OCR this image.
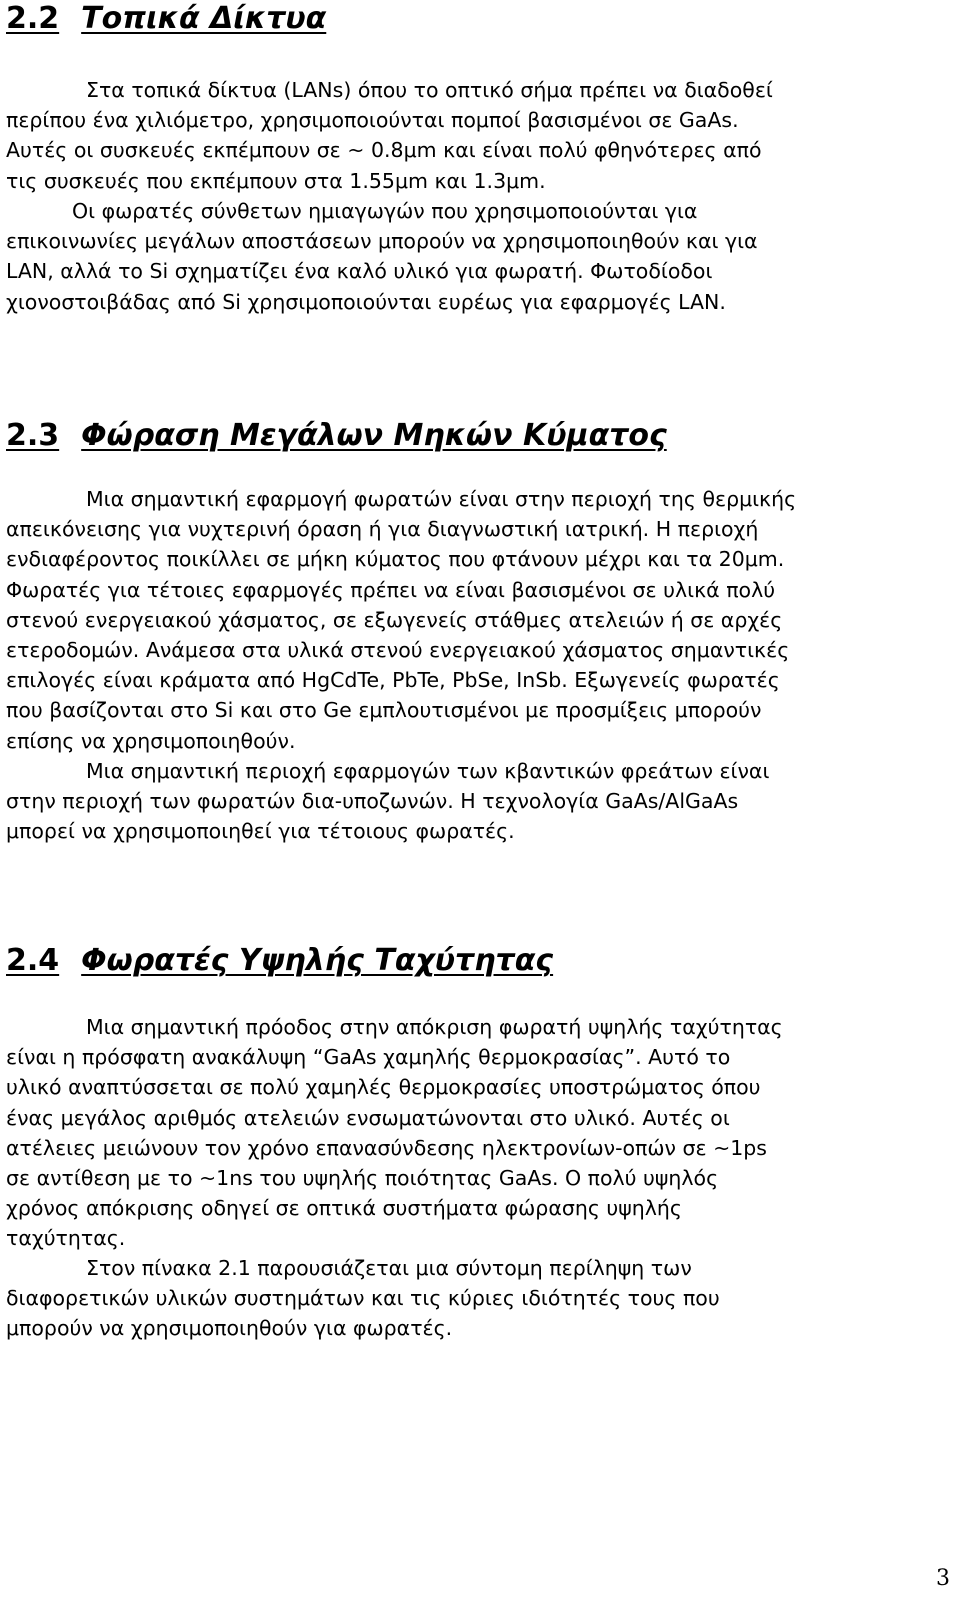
2.2 Τοπικά Δίκτυα
Στα τοπικά δίκτυα (LANs) όπου το οπτικό σήμα πρέπει να διαδοθεί
περίπου ένα χιλιόμετρο, χρησιμοποιούνται πομποί βασισμένοι σε GaAs.
Αυτές οι συσκευές εκπέμπουν σε ~ 0.8μm και είναι πολύ φθηνότερες από
τις συσκευές που εκπέμπουν στα 1.55μm και 1.3μm.
Οι φωρατές σύνθετων ημιαγωγών που χρησιμοποιούνται για
επικοινωνίες μεγάλων αποστάσεων μπορούν να χρησιμοποιηθούν και για
LAN, αλλά το Si σχηματίζει ένα καλό υλικό για φωρατή. Φωτοδίοδοι
χιονοστοιβάδας από Si χρησιμοποιούνται ευρέως για εφαρμογές LAN.
2.3 Φώραση Μεγάλων Μηκών Κύματος
Μια σημαντική εφαρμογή φωρατών είναι στην περιοχή της θερμικής
απεικόνεισης για νυχτερινή όραση ή για διαγνωστική ιατρική. Η περιοχή
ενδιαφέροντος ποικίλλει σε μήκη κύματος που φτάνουν μέχρι και τα 20μm.
Φωρατές για τέτοιες εφαρμογές πρέπει να είναι βασισμένοι σε υλικά πολύ
στενού ενεργειακού χάσματος, σε εξωγενείς στάθμες ατελειών ή σε αρχές
ετεροδομών. Ανάμεσα στα υλικά στενού ενεργειακού χάσματος σημαντικές
επιλογές είναι κράματα από HgCdTe, PbTe, PbSe, InSb. Εξωγενείς φωρατές
που βασίζονται στο Si και στο Ge εμπλουτισμένοι με προσμίξεις μπορούν
επίσης να χρησιμοποιηθούν.
Μια σημαντική περιοχή εφαρμογών των κβαντικών φρεάτων είναι
στην περιοχή των φωρατών δια-υποζωνών. Η τεχνολογία GaAs/AlGaAs
μπορεί να χρησιμοποιηθεί για τέτοιους φωρατές.
2.4 Φωρατές Υψηλής Ταχύτητας
Μια σημαντική πρόοδος στην απόκριση φωρατή υψηλής ταχύτητας
είναι η πρόσφατη ανακάλυψη “GaAs χαμηλής θερμοκρασίας”. Αυτό το
υλικό αναπτύσσεται σε πολύ χαμηλές θερμοκρασίες υποστρώματος όπου
ένας μεγάλος αριθμός ατελειών ενσωματώνονται στο υλικό. Αυτές οι
ατέλειες μειώνουν τον χρόνο επανασύνδεσης ηλεκτρονίων-οπών σε ~1ps
σε αντίθεση με το ~1ns του υψηλής ποιότητας GaAs. Ο πολύ υψηλός
χρόνος απόκρισης οδηγεί σε οπτικά συστήματα φώρασης υψηλής
ταχύτητας.
Στον πίνακα 2.1 παρουσιάζεται μια σύντομη περίληψη των
διαφορετικών υλικών συστημάτων και τις κύριες ιδιότητές τους που
μπορούν να χρησιμοποιηθούν για φωρατές.
3
